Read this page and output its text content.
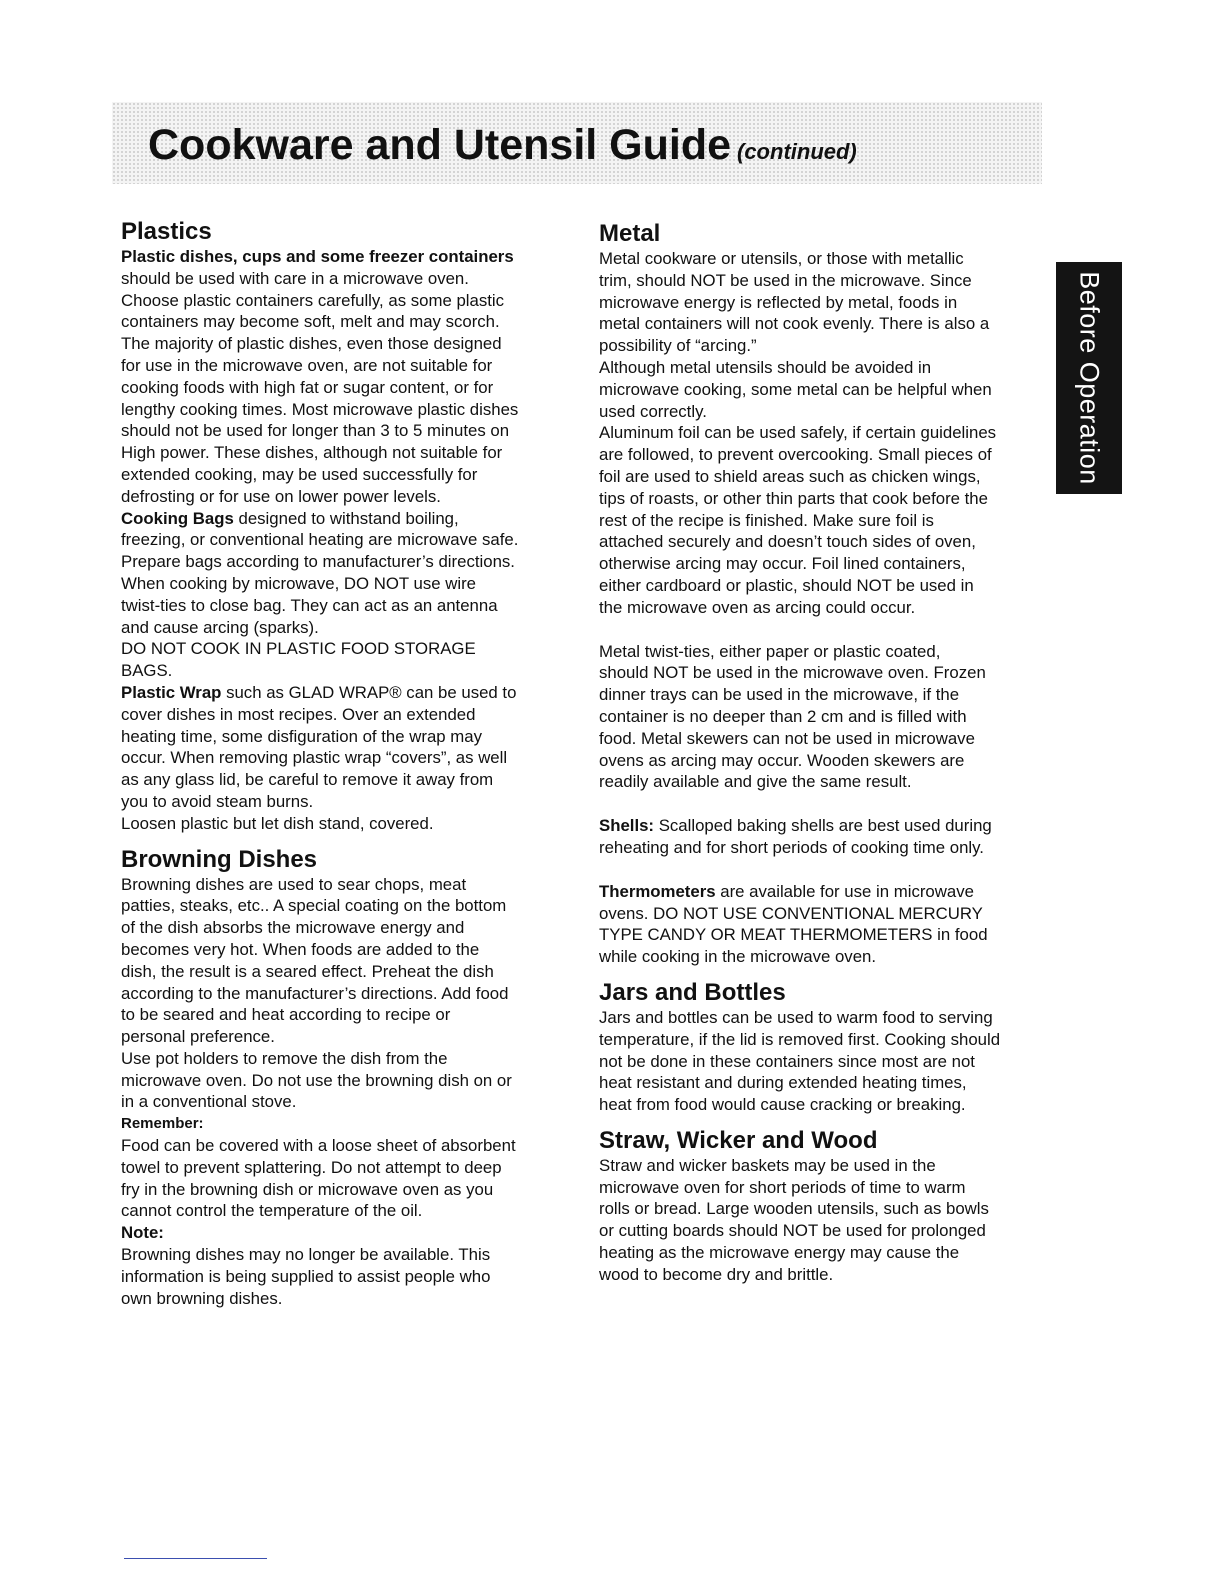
Cookware and Utensil Guide (continued)
Before Operation
Plastics

Plastic dishes, cups and some freezer containers
should be used with care in a microwave oven.
Choose plastic containers carefully, as some plastic
containers may become soft, melt and may scorch.
The majority of plastic dishes, even those designed
for use in the microwave oven, are not suitable for
cooking foods with high fat or sugar content, or for
lengthy cooking times. Most microwave plastic dishes
should not be used for longer than 3 to 5 minutes on
High power. These dishes, although not suitable for
extended cooking, may be used successfully for
defrosting or for use on lower power levels.

Cooking Bags designed to withstand boiling,
freezing, or conventional heating are microwave safe.
Prepare bags according to manufacturer’s directions.
When cooking by microwave, DO NOT use wire
twist-ties to close bag. They can act as an antenna
and cause arcing (sparks).
DO NOT COOK IN PLASTIC FOOD STORAGE
BAGS.

Plastic Wrap such as GLAD WRAP® can be used to
cover dishes in most recipes. Over an extended
heating time, some disfiguration of the wrap may
occur. When removing plastic wrap “covers”, as well
as any glass lid, be careful to remove it away from
you to avoid steam burns.
Loosen plastic but let dish stand, covered.

Browning Dishes

Browning dishes are used to sear chops, meat
patties, steaks, etc.. A special coating on the bottom
of the dish absorbs the microwave energy and
becomes very hot. When foods are added to the
dish, the result is a seared effect. Preheat the dish
according to the manufacturer’s directions. Add food
to be seared and heat according to recipe or
personal preference.
Use pot holders to remove the dish from the
microwave oven. Do not use the browning dish on or
in a conventional stove.

Remember:

Food can be covered with a loose sheet of absorbent
towel to prevent splattering. Do not attempt to deep
fry in the browning dish or microwave oven as you
cannot control the temperature of the oil.

Note:

Browning dishes may no longer be available. This
information is being supplied to assist people who
own browning dishes.

Metal

Metal cookware or utensils, or those with metallic
trim, should NOT be used in the microwave. Since
microwave energy is reflected by metal, foods in
metal containers will not cook evenly. There is also a
possibility of “arcing.”
Although metal utensils should be avoided in
microwave cooking, some metal can be helpful when
used correctly.
Aluminum foil can be used safely, if certain guidelines
are followed, to prevent overcooking. Small pieces of
foil are used to shield areas such as chicken wings,
tips of roasts, or other thin parts that cook before the
rest of the recipe is finished. Make sure foil is
attached securely and doesn’t touch sides of oven,
otherwise arcing may occur. Foil lined containers,
either cardboard or plastic, should NOT be used in
the microwave oven as arcing could occur.

Metal twist-ties, either paper or plastic coated,
should NOT be used in the microwave oven. Frozen
dinner trays can be used in the microwave, if the
container is no deeper than 2 cm and is filled with
food. Metal skewers can not be used in microwave
ovens as arcing may occur. Wooden skewers are
readily available and give the same result.

Shells: Scalloped baking shells are best used during
reheating and for short periods of cooking time only.

Thermometers are available for use in microwave
ovens. DO NOT USE CONVENTIONAL MERCURY
TYPE CANDY OR MEAT THERMOMETERS in food
while cooking in the microwave oven.

Jars and Bottles

Jars and bottles can be used to warm food to serving
temperature, if the lid is removed first. Cooking should
not be done in these containers since most are not
heat resistant and during extended heating times,
heat from food would cause cracking or breaking.

Straw, Wicker and Wood

Straw and wicker baskets may be used in the
microwave oven for short periods of time to warm
rolls or bread. Large wooden utensils, such as bowls
or cutting boards should NOT be used for prolonged
heating as the microwave energy may cause the
wood to become dry and brittle.
